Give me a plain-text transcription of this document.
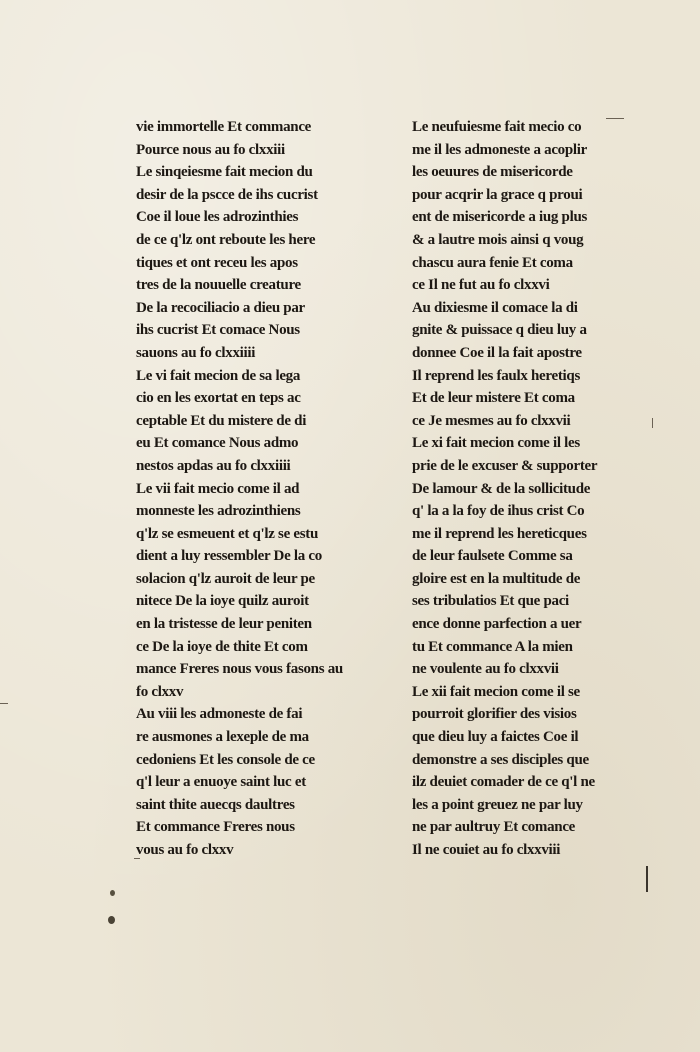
vie immortelle Et commance
Pource nous au fo clxxiii
Le sinqeiesme fait mecion du
desir de la pscce de ihs cucrist
Coe il loue les adrozinthies
de ce q'lz ont reboute les here
tiques et ont receu les apos
tres de la nouuelle creature
De la recociliacio a dieu par
ihs cucrist Et comace Nous
sauons au fo clxxiiii
Le vi fait mecion de sa lega
cio en les exortat en teps ac
ceptable Et du mistere de di
eu Et comance Nous admo
nestos apdas au fo clxxiiii
Le vii fait mecio come il ad
monneste les adrozinthiens
q'lz se esmeuent et q'lz se estu
dient a luy ressembler De la co
solacion q'lz auroit de leur pe
nitece De la ioye quilz auroit
en la tristesse de leur peniten
ce De la ioye de thite Et com
mance Freres nous vous fasons au
fo clxxv
Au viii les admoneste de fai
re ausmones a lexeple de ma
cedoniens Et les console de ce
q'l leur a enuoye saint luc et
saint thite auecqs daultres
Et commance Freres nous
vous au fo clxxv
Le neufuiesme fait mecio co
me il les admoneste a acoplir
les oeuures de misericorde
pour acqrir la grace q proui
ent de misericorde a iug plus
& a lautre mois ainsi q voug
chascu aura fenie Et coma
ce Il ne fut au fo clxxvi
Au dixiesme il comace la di
gnite & puissace q dieu luy a
donnee Coe il la fait apostre
Il reprend les faulx heretiqs
Et de leur mistere Et coma
ce Je mesmes au fo clxxvii
Le xi fait mecion come il les
prie de le excuser & supporter
De lamour & de la sollicitude
q' la a la foy de ihus crist Co
me il reprend les hereticques
de leur faulsete Comme sa
gloire est en la multitude de
ses tribulatios Et que paci
ence donne parfection a uer
tu Et commance A la mien
ne voulente au fo clxxvii
Le xii fait mecion come il se
pourroit glorifier des visios
que dieu luy a faictes Coe il
demonstre a ses disciples que
ilz deuiet comader de ce q'l ne
les a point greuez ne par luy
ne par aultruy Et comance
Il ne couiet au fo clxxviii
